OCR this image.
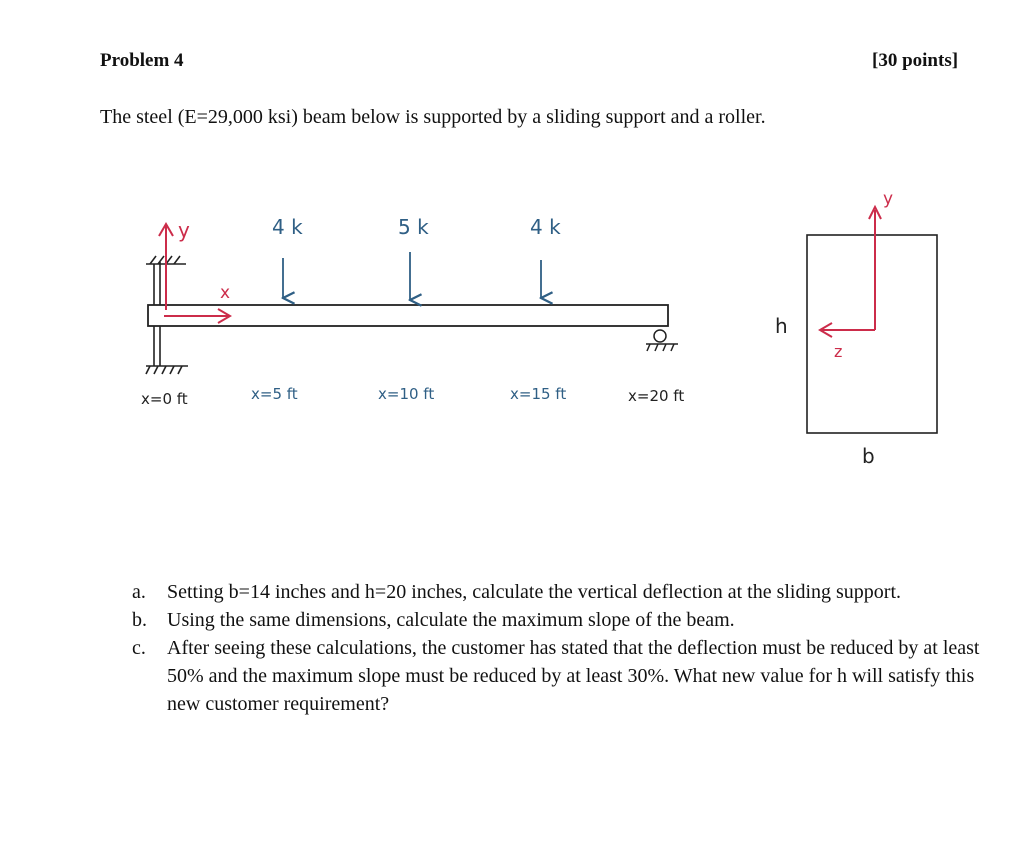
Problem 4	[30 points]
The steel (E=29,000 ksi) beam below is supported by a sliding support and a roller.
y
x
4 k	5 k	4 k
x=0 ft	x=5 ft	x=10 ft	x=15 ft	x=20 ft
y
z
h
b
a.	Setting b=14 inches and h=20 inches, calculate the vertical deflection at the sliding support.
b.	Using the same dimensions, calculate the maximum slope of the beam.
c.	After seeing these calculations, the customer has stated that the deflection must be reduced by at least 50% and the maximum slope must be reduced by at least 30%. What new value for h will satisfy this new customer requirement?
